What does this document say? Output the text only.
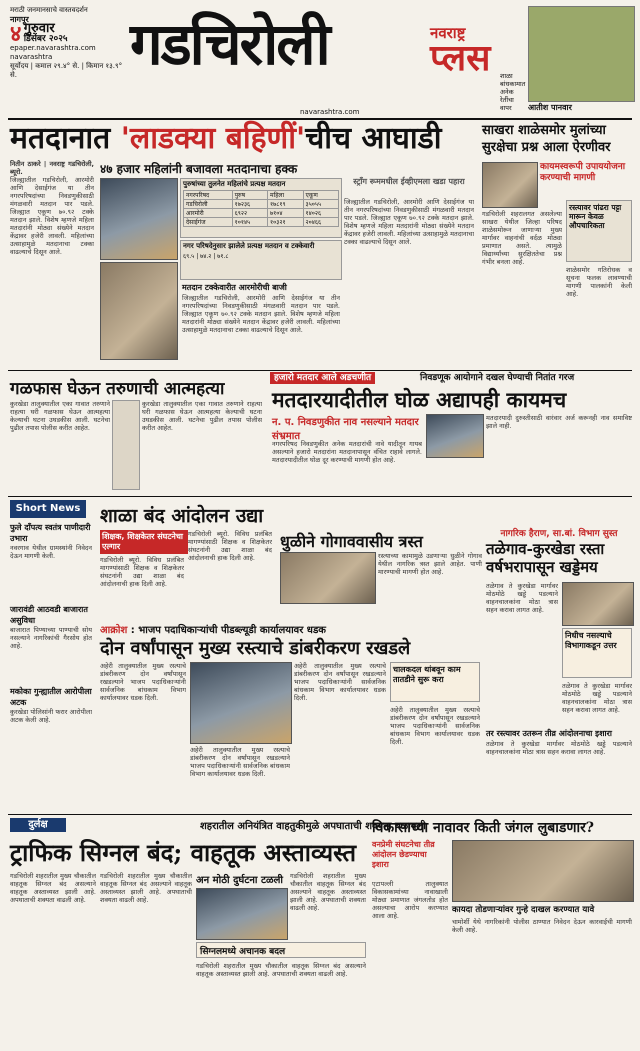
मराठी जनमानसाचे वास्तवदर्शन
नागपूर
४ गुरुवार
डिसेंबर २०२५
epaper.navarashtra.com
navarashtra
सूर्योदय | कमाल २९.४° से. | किमान १३.९° से.	गडचिरोली	नवराष्ट्र
प्लस शाळा बांधकामात अनेक रेतींचा वापर	आतीश पानवार
navarashtra.com
मतदानात 'लाडक्या बहिणीं'चीच आघाडी
४७ हजार महिलांनी बजावला मतदानाचा हक्क
नितीन ठाकरे | नवराष्ट्र गडचिरोली, ब्यूरो.
जिल्ह्यातील गडचिरोली, आरमोरी आणि देसाईगंज या तीन नगरपरिषदांच्या निवडणुकीसाठी मंगळवारी मतदान पार पडले. जिल्ह्यात एकूण ७०.९२ टक्के मतदान झाले. विशेष म्हणजे महिला मतदारांनी मोठ्या संख्येने मतदान केंद्रावर हजेरी लावली. महिलांच्या उत्साहामुळे मतदानाचा टक्का वाढल्याचे दिसून आले.
पुरुषांच्या तुलनेत महिलांचे प्रत्यक्ष मतदान
नगरपरिषद	पुरुष	महिला	एकूण
गडचिरोली	१७२३६	१७८१९	३५०५५
आरमोरी	६९२२	७१०४	१४०२६
देसाईगंज	१०१४५	१०३२१	२०४६६
नगर परिषदेनुसार झालेले प्रत्यक्ष मतदान व टक्केवारी
६९.५ | ७४.२ | ७१.८
मतदान टक्केवारीत आरमोरीची बाजी
जिल्ह्यातील गडचिरोली, आरमोरी आणि देसाईगंज या तीन नगरपरिषदांच्या निवडणुकीसाठी मंगळवारी मतदान पार पडले. जिल्ह्यात एकूण ७०.९२ टक्के मतदान झाले. विशेष म्हणजे महिला मतदारांनी मोठ्या संख्येने मतदान केंद्रावर हजेरी लावली. महिलांच्या उत्साहामुळे मतदानाचा टक्का वाढल्याचे दिसून आले.
स्ट्राँग रूममधील ईव्हीएमला खडा पहारा
जिल्ह्यातील गडचिरोली, आरमोरी आणि देसाईगंज या तीन नगरपरिषदांच्या निवडणुकीसाठी मंगळवारी मतदान पार पडले. जिल्ह्यात एकूण ७०.९२ टक्के मतदान झाले. विशेष म्हणजे महिला मतदारांनी मोठ्या संख्येने मतदान केंद्रावर हजेरी लावली. महिलांच्या उत्साहामुळे मतदानाचा टक्का वाढल्याचे दिसून आले.
साखरा शाळेसमोर मुलांच्या सुरक्षेचा प्रश्न आला ऐरणीवर
कायमस्वरूपी उपाययोजना करण्याची मागणी
गडचिरोली शहरालगत असलेल्या साखरा येथील जिल्हा परिषद शाळेसमोरून जाणाऱ्या मुख्य मार्गावर वाहनांची वर्दळ मोठ्या प्रमाणात असते. त्यामुळे विद्यार्थ्यांच्या सुरक्षिततेचा प्रश्न गंभीर बनला आहे.
रस्त्यावर पांढरा पट्टा मारून केवळ औपचारिकता
शाळेसमोर गतिरोधक व सूचना फलक लावण्याची मागणी पालकांनी केली आहे.
हजारो मतदार आले अडचणीत	निवडणूक आयोगाने दखल घेण्याची नितांत गरज
गळफास घेऊन तरुणाची आत्महत्या
कुरखेडा तालुक्यातील एका गावात तरुणाने राहत्या घरी गळफास घेऊन आत्महत्या केल्याची घटना उघडकीस आली. घटनेचा पुढील तपास पोलीस करीत आहेत.
कुरखेडा तालुक्यातील एका गावात तरुणाने राहत्या घरी गळफास घेऊन आत्महत्या केल्याची घटना उघडकीस आली. घटनेचा पुढील तपास पोलीस करीत आहेत.
मतदारयादीतील घोळ अद्यापही कायमच
न. प. निवडणुकीत नाव नसल्याने मतदार संभ्रमात
नगरपरिषद निवडणुकीत अनेक मतदारांची नावे यादीतून गायब असल्याने हजारो मतदारांना मतदानापासून वंचित राहावे लागले. मतदारयादीतील घोळ दूर करण्याची मागणी होत आहे.
मतदारयादी दुरुस्तीसाठी वारंवार अर्ज करूनही नाव समाविष्ट झाले नाही.
Short News
फुले दाँपत्य स्वतंत्र पाणीदारी उभारा
नवरगाव येथील ग्रामस्थांनी निवेदन देऊन मागणी केली.
जारावंडी आठवडी बाजारात असुविधा
बाजारात पिण्याच्या पाण्याची सोय नसल्याने नागरिकांची गैरसोय होत आहे.
मकोका गुन्ह्यातील आरोपीला अटक
कुरखेडा पोलिसांनी फरार आरोपीला अटक केली आहे.
शाळा बंद आंदोलन उद्या
शिक्षक, शिक्षकेतर संघटनेचा एल्गार
गडचिरोली ब्यूरो. विविध प्रलंबित मागण्यांसाठी शिक्षक व शिक्षकेतर संघटनांनी उद्या शाळा बंद आंदोलनाची हाक दिली आहे.
गडचिरोली ब्यूरो. विविध प्रलंबित मागण्यांसाठी शिक्षक व शिक्षकेतर संघटनांनी उद्या शाळा बंद आंदोलनाची हाक दिली आहे.
धुळीने गोगाववासीय त्रस्त
रस्त्याच्या कामामुळे उडणाऱ्या धुळीने गोगाव येथील नागरिक त्रस्त झाले आहेत. पाणी मारण्याची मागणी होत आहे.
नागरिक हैराण, सा.बां. विभाग सुस्त
तळेगाव-कुरखेडा रस्ता वर्षभरापासून खड्डेमय
तळेगाव ते कुरखेडा मार्गावर मोठमोठे खड्डे पडल्याने वाहनचालकांना मोठा त्रास सहन करावा लागत आहे.
निधीच नसल्याचे विभागाकडून उत्तर
तळेगाव ते कुरखेडा मार्गावर मोठमोठे खड्डे पडल्याने वाहनचालकांना मोठा त्रास सहन करावा लागत आहे.
तर रस्त्यावर उतरून तीव्र आंदोलनाचा इशारा
तळेगाव ते कुरखेडा मार्गावर मोठमोठे खड्डे पडल्याने वाहनचालकांना मोठा त्रास सहन करावा लागत आहे.
आक्रोश : भाजप पदाधिकाऱ्यांची पीडब्ल्यूडी कार्यालयावर धडक
दोन वर्षांपासून मुख्य रस्त्याचे डांबरीकरण रखडले
अहेरी तालुक्यातील मुख्य रस्त्याचे डांबरीकरण दोन वर्षांपासून रखडल्याने भाजप पदाधिकाऱ्यांनी सार्वजनिक बांधकाम विभाग कार्यालयावर धडक दिली.
अहेरी तालुक्यातील मुख्य रस्त्याचे डांबरीकरण दोन वर्षांपासून रखडल्याने भाजप पदाधिकाऱ्यांनी सार्वजनिक बांधकाम विभाग कार्यालयावर धडक दिली.
अहेरी तालुक्यातील मुख्य रस्त्याचे डांबरीकरण दोन वर्षांपासून रखडल्याने भाजप पदाधिकाऱ्यांनी सार्वजनिक बांधकाम विभाग कार्यालयावर धडक दिली.
चालकदल थांबवून काम तातडीने सुरू करा
अहेरी तालुक्यातील मुख्य रस्त्याचे डांबरीकरण दोन वर्षांपासून रखडल्याने भाजप पदाधिकाऱ्यांनी सार्वजनिक बांधकाम विभाग कार्यालयावर धडक दिली.
दुर्लक्ष	शहरातील अनियंत्रित वाहतुकीमुळे अपघाताची शक्यता बळावली
ट्राफिक सिग्नल बंद; वाहतूक अस्ताव्यस्त
अन मोठी दुर्घटना टळली
गडचिरोली शहरातील मुख्य चौकातील वाहतूक सिग्नल बंद असल्याने वाहतूक अस्ताव्यस्त झाली आहे. अपघाताची शक्यता वाढली आहे.
गडचिरोली शहरातील मुख्य चौकातील वाहतूक सिग्नल बंद असल्याने वाहतूक अस्ताव्यस्त झाली आहे. अपघाताची शक्यता वाढली आहे.
सिग्नलमध्ये अचानक बदल
गडचिरोली शहरातील मुख्य चौकातील वाहतूक सिग्नल बंद असल्याने वाहतूक अस्ताव्यस्त झाली आहे. अपघाताची शक्यता वाढली आहे.
गडचिरोली शहरातील मुख्य चौकातील वाहतूक सिग्नल बंद असल्याने वाहतूक अस्ताव्यस्त झाली आहे. अपघाताची शक्यता वाढली आहे.
विकासाच्या नावावर किती जंगल लुबाडणार?
वनप्रेमी संघटनेचा तीव्र आंदोलन छेडण्याचा इशारा
एटापल्ली तालुक्यात विकासकामांच्या नावाखाली मोठ्या प्रमाणात जंगलतोड होत असल्याचा आरोप करण्यात आला आहे.
कायदा तोडणाऱ्यांवर गुन्हे दाखल करण्यात यावे
चामोर्शी येथे नागरिकांनी पोलीस ठाण्यात निवेदन देऊन कारवाईची मागणी केली आहे.
